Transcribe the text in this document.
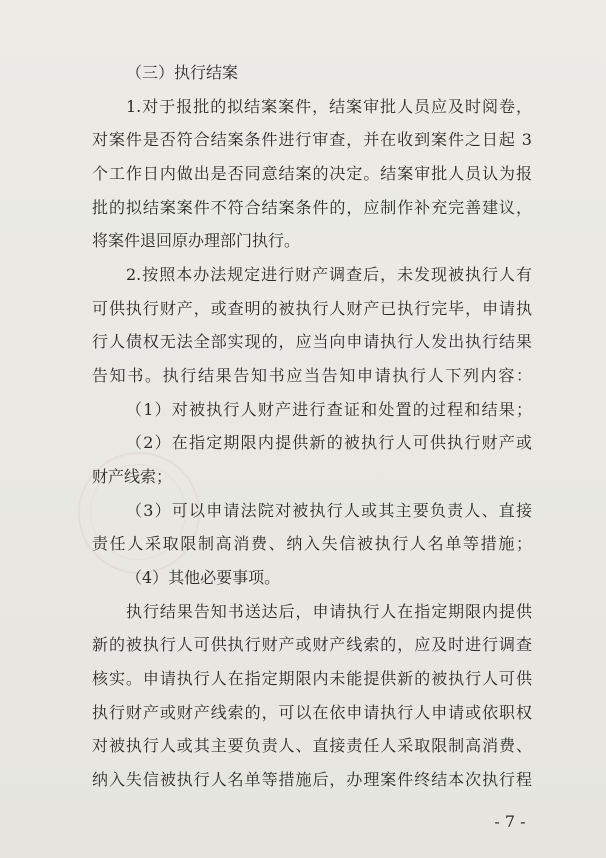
（三）执行结案
1.对于报批的拟结案案件，结案审批人员应及时阅卷，
对案件是否符合结案条件进行审查，并在收到案件之日起 3
个工作日内做出是否同意结案的决定。结案审批人员认为报
批的拟结案案件不符合结案条件的，应制作补充完善建议，
将案件退回原办理部门执行。
2.按照本办法规定进行财产调查后，未发现被执行人有
可供执行财产，或查明的被执行人财产已执行完毕，申请执
行人债权无法全部实现的，应当向申请执行人发出执行结果
告知书。执行结果告知书应当告知申请执行人下列内容：
（1）对被执行人财产进行查证和处置的过程和结果；
（2）在指定期限内提供新的被执行人可供执行财产或
财产线索；
（3）可以申请法院对被执行人或其主要负责人、直接
责任人采取限制高消费、纳入失信被执行人名单等措施；
（4）其他必要事项。
执行结果告知书送达后，申请执行人在指定期限内提供
新的被执行人可供执行财产或财产线索的，应及时进行调查
核实。申请执行人在指定期限内未能提供新的被执行人可供
执行财产或财产线索的，可以在依申请执行人申请或依职权
对被执行人或其主要负责人、直接责任人采取限制高消费、
纳入失信被执行人名单等措施后，办理案件终结本次执行程
- 7 -
